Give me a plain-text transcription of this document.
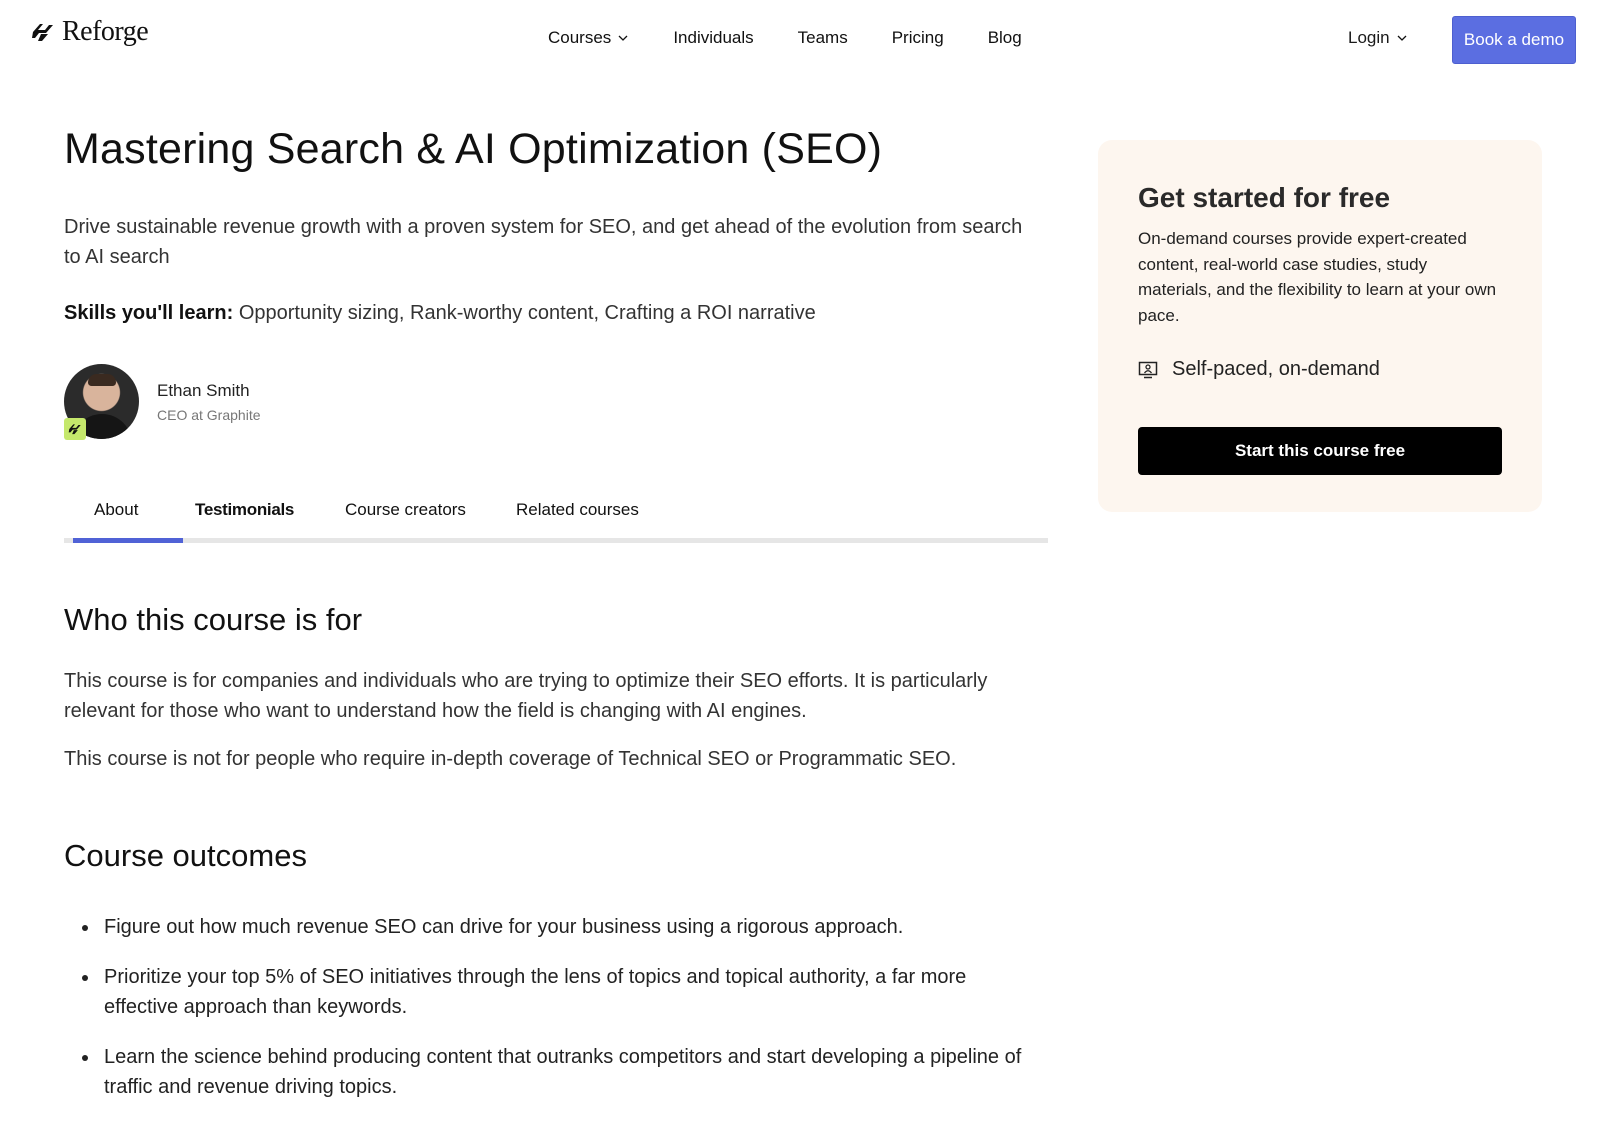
Reforge	Courses	Individuals	Teams	Pricing	Blog	Login	Book a demo
Mastering Search & AI Optimization (SEO)

Drive sustainable revenue growth with a proven system for SEO, and get ahead of the evolution from search to AI search

Skills you'll learn: Opportunity sizing, Rank-worthy content, Crafting a ROI narrative

Ethan Smith
CEO at Graphite
About	Testimonials	Course creators	Related courses
Who this course is for

This course is for companies and individuals who are trying to optimize their SEO efforts. It is particularly relevant for those who want to understand how the field is changing with AI engines.

This course is not for people who require in-depth coverage of Technical SEO or Programmatic SEO.

Course outcomes
Figure out how much revenue SEO can drive for your business using a rigorous approach.
Prioritize your top 5% of SEO initiatives through the lens of topics and topical authority, a far more effective approach than keywords.
Learn the science behind producing content that outranks competitors and start developing a pipeline of traffic and revenue driving topics.
Get started for free
On-demand courses provide expert-created content, real-world case studies, study materials, and the flexibility to learn at your own pace.
Self-paced, on-demand
Start this course free
